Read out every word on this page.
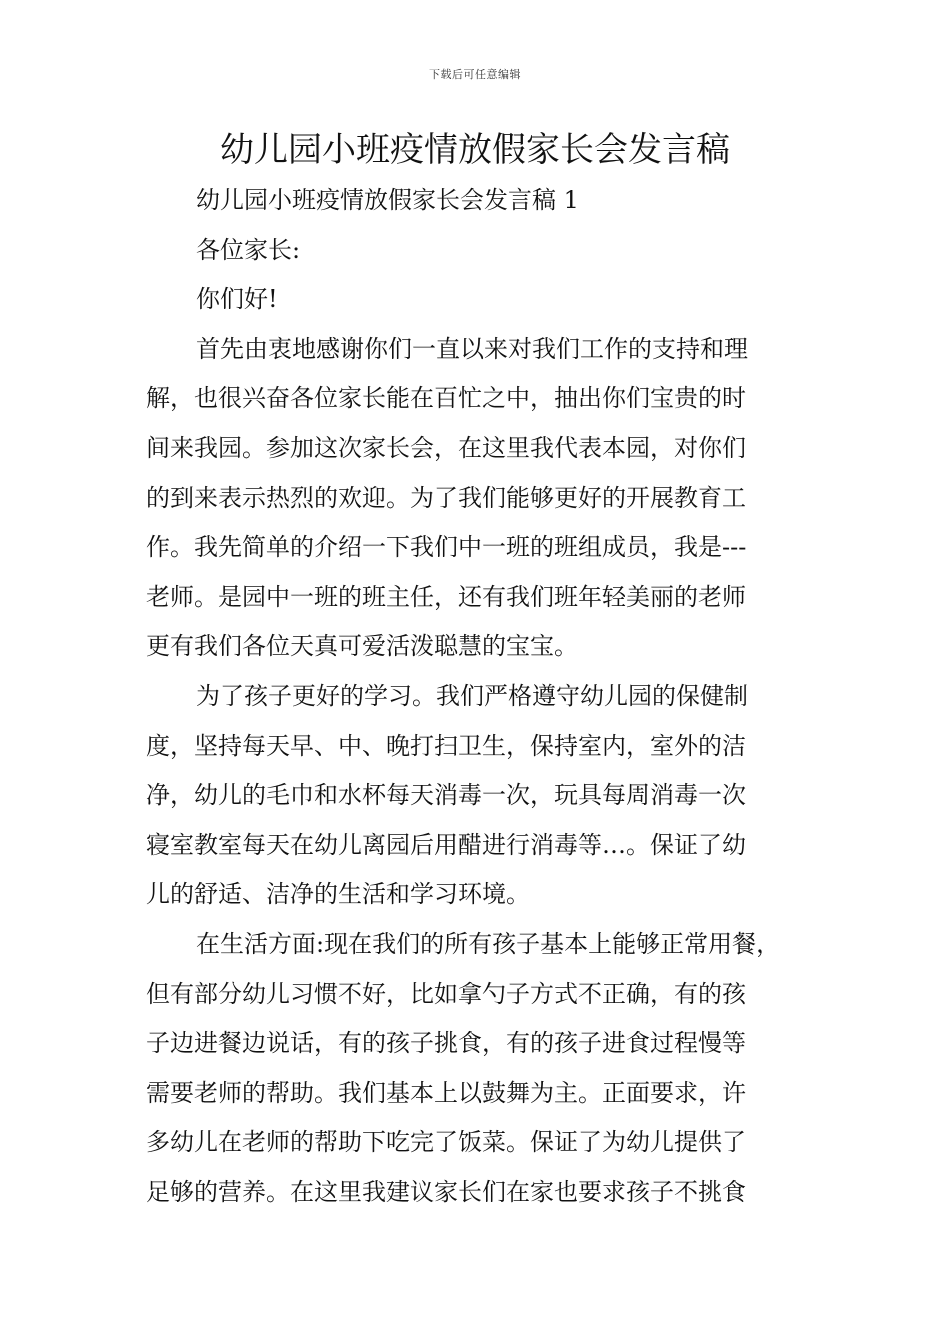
下载后可任意编辑
幼儿园小班疫情放假家长会发言稿

幼儿园小班疫情放假家长会发言稿 1

各位家长:

你们好!

首先由衷地感谢你们一直以来对我们工作的支持和理

解，也很兴奋各位家长能在百忙之中，抽出你们宝贵的时

间来我园。参加这次家长会，在这里我代表本园，对你们

的到来表示热烈的欢迎。为了我们能够更好的开展教育工

作。我先简单的介绍一下我们中一班的班组成员，我是---

老师。是园中一班的班主任，还有我们班年轻美丽的老师

更有我们各位天真可爱活泼聪慧的宝宝。

为了孩子更好的学习。我们严格遵守幼儿园的保健制

度，坚持每天早、中、晚打扫卫生，保持室内，室外的洁

净，幼儿的毛巾和水杯每天消毒一次，玩具每周消毒一次

寝室教室每天在幼儿离园后用醋进行消毒等…。保证了幼

儿的舒适、洁净的生活和学习环境。

在生活方面:现在我们的所有孩子基本上能够正常用餐，

但有部分幼儿习惯不好，比如拿勺子方式不正确，有的孩

子边进餐边说话，有的孩子挑食，有的孩子进食过程慢等

需要老师的帮助。我们基本上以鼓舞为主。正面要求，许

多幼儿在老师的帮助下吃完了饭菜。保证了为幼儿提供了

足够的营养。在这里我建议家长们在家也要求孩子不挑食
